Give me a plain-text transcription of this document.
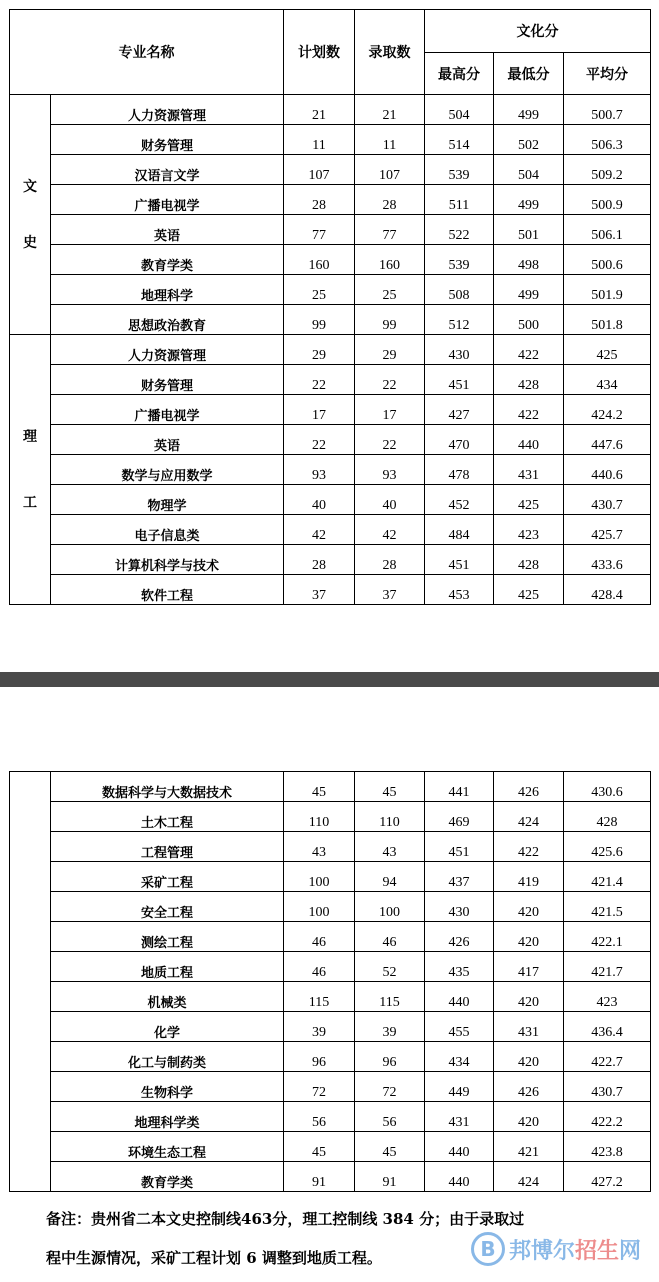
专业名称		计划数	录取数	文化分		
				最高分	最低分	平均分

文
史	人力资源管理	21	21	504	499	500.7
	财务管理	11	11	514	502	506.3
	汉语言文学	107	107	539	504	509.2
	广播电视学	28	28	511	499	500.9
	英语	77	77	522	501	506.1
	教育学类	160	160	539	498	500.6
	地理科学	25	25	508	499	501.9
	思想政治教育	99	99	512	500	501.8

理
工	人力资源管理	29	29	430	422	425
	财务管理	22	22	451	428	434
	广播电视学	17	17	427	422	424.2
	英语	22	22	470	440	447.6
	数学与应用数学	93	93	478	431	440.6
	物理学	40	40	452	425	430.7
	电子信息类	42	42	484	423	425.7
	计算机科学与技术	28	28	451	428	433.6
	软件工程	37	37	453	425	428.4
	数据科学与大数据技术	45	45	441	426	430.6
	土木工程	110	110	469	424	428
	工程管理	43	43	451	422	425.6
	采矿工程	100	94	437	419	421.4
	安全工程	100	100	430	420	421.5
	测绘工程	46	46	426	420	422.1
	地质工程	46	52	435	417	421.7
	机械类	115	115	440	420	423
	化学	39	39	455	431	436.4
	化工与制药类	96	96	434	420	422.7
	生物科学	72	72	449	426	430.7
	地理科学类	56	56	431	420	422.2
	环境生态工程	45	45	440	421	423.8
	教育学类	91	91	440	424	427.2
备注：贵州省二本文史控制线463分，理工控制线 384 分；由于录取过
程中生源情况，采矿工程计划 6 调整到地质工程。	B 邦博尔招生网
